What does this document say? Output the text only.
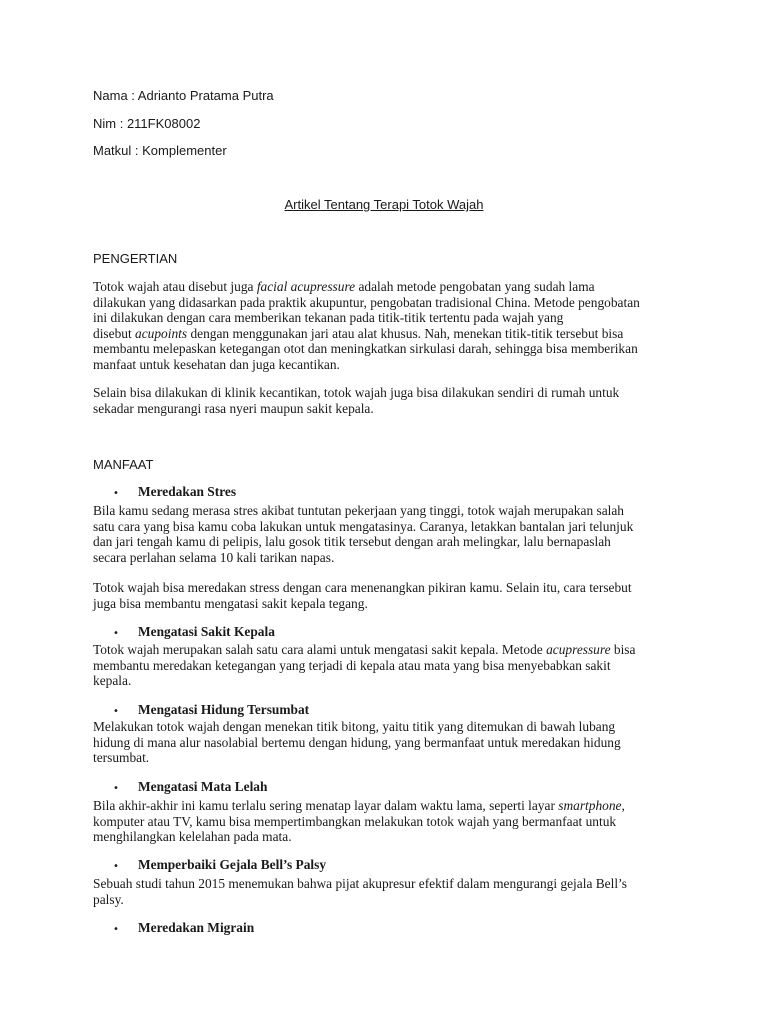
Nama : Adrianto Pratama Putra

Nim : 211FK08002

Matkul : Komplementer

Artikel Tentang Terapi Totok Wajah

PENGERTIAN

Totok wajah atau disebut juga facial acupressure adalah metode pengobatan yang sudah lama
dilakukan yang didasarkan pada praktik akupuntur, pengobatan tradisional China. Metode pengobatan
ini dilakukan dengan cara memberikan tekanan pada titik-titik tertentu pada wajah yang
disebut acupoints dengan menggunakan jari atau alat khusus. Nah, menekan titik-titik tersebut bisa
membantu melepaskan ketegangan otot dan meningkatkan sirkulasi darah, sehingga bisa memberikan
manfaat untuk kesehatan dan juga kecantikan.
Selain bisa dilakukan di klinik kecantikan, totok wajah juga bisa dilakukan sendiri di rumah untuk
sekadar mengurangi rasa nyeri maupun sakit kepala.

MANFAAT

•	Meredakan Stres
Bila kamu sedang merasa stres akibat tuntutan pekerjaan yang tinggi, totok wajah merupakan salah
satu cara yang bisa kamu coba lakukan untuk mengatasinya. Caranya, letakkan bantalan jari telunjuk
dan jari tengah kamu di pelipis, lalu gosok titik tersebut dengan arah melingkar, lalu bernapaslah
secara perlahan selama 10 kali tarikan napas.
Totok wajah bisa meredakan stress dengan cara menenangkan pikiran kamu. Selain itu, cara tersebut
juga bisa membantu mengatasi sakit kepala tegang.
•	Mengatasi Sakit Kepala
Totok wajah merupakan salah satu cara alami untuk mengatasi sakit kepala. Metode acupressure bisa
membantu meredakan ketegangan yang terjadi di kepala atau mata yang bisa menyebabkan sakit
kepala.
•	Mengatasi Hidung Tersumbat
Melakukan totok wajah dengan menekan titik bitong, yaitu titik yang ditemukan di bawah lubang
hidung di mana alur nasolabial bertemu dengan hidung, yang bermanfaat untuk meredakan hidung
tersumbat.
•	Mengatasi Mata Lelah
Bila akhir-akhir ini kamu terlalu sering menatap layar dalam waktu lama, seperti layar smartphone,
komputer atau TV, kamu bisa mempertimbangkan melakukan totok wajah yang bermanfaat untuk
menghilangkan kelelahan pada mata.
•	Memperbaiki Gejala Bell’s Palsy
Sebuah studi tahun 2015 menemukan bahwa pijat akupresur efektif dalam mengurangi gejala Bell’s
palsy.
•	Meredakan Migrain
